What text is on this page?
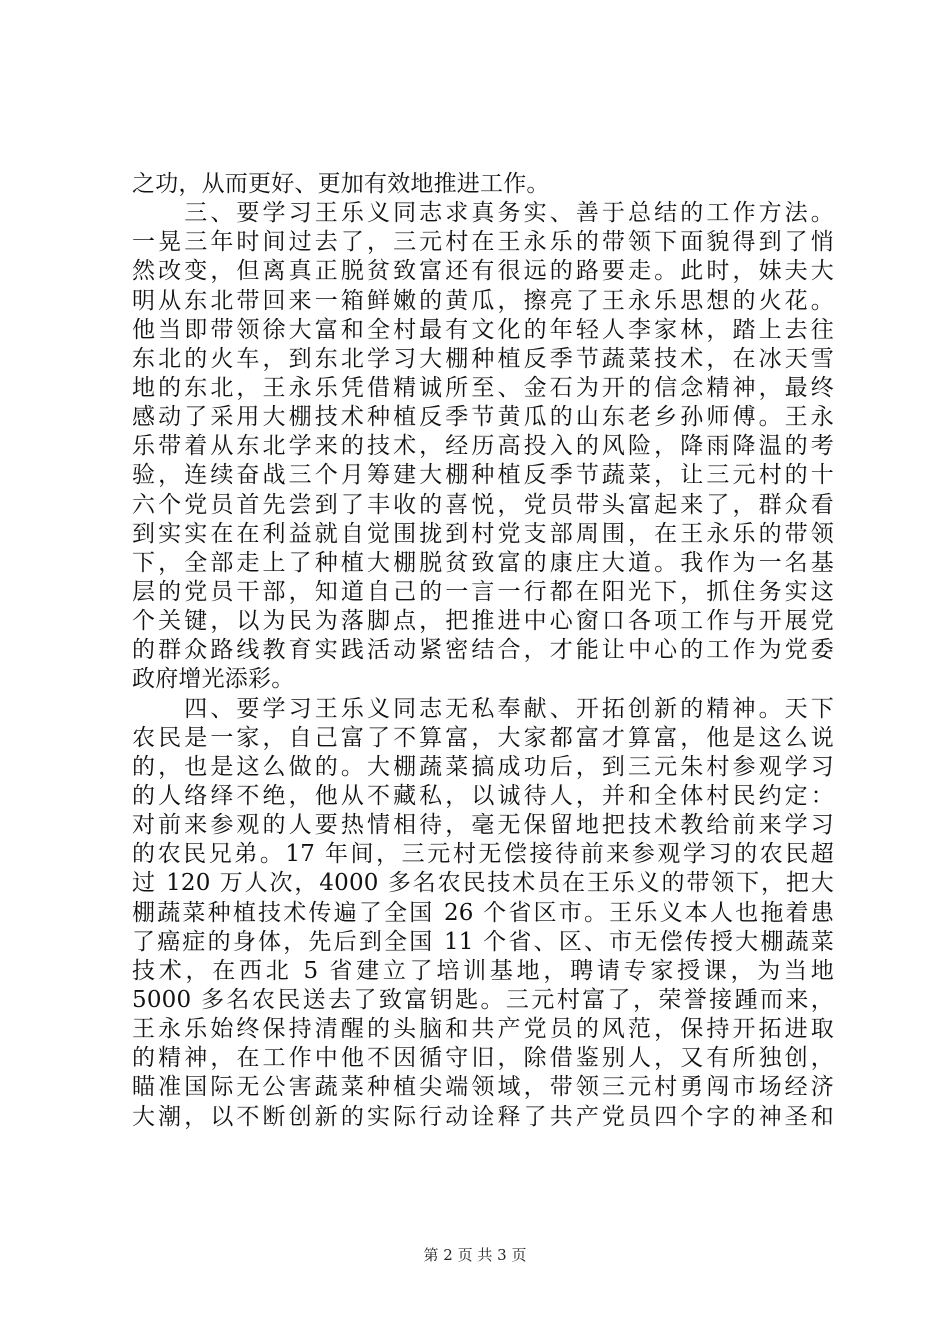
之功，从而更好、更加有效地推进工作。
　　三、要学习王乐义同志求真务实、善于总结的工作方法。
一晃三年时间过去了，三元村在王永乐的带领下面貌得到了悄
然改变，但离真正脱贫致富还有很远的路要走。此时，妹夫大
明从东北带回来一箱鲜嫩的黄瓜，擦亮了王永乐思想的火花。
他当即带领徐大富和全村最有文化的年轻人李家林，踏上去往
东北的火车，到东北学习大棚种植反季节蔬菜技术，在冰天雪
地的东北，王永乐凭借精诚所至、金石为开的信念精神，最终
感动了采用大棚技术种植反季节黄瓜的山东老乡孙师傅。王永
乐带着从东北学来的技术，经历高投入的风险，降雨降温的考
验，连续奋战三个月筹建大棚种植反季节蔬菜，让三元村的十
六个党员首先尝到了丰收的喜悦，党员带头富起来了，群众看
到实实在在利益就自觉围拢到村党支部周围，在王永乐的带领
下，全部走上了种植大棚脱贫致富的康庄大道。我作为一名基
层的党员干部，知道自己的一言一行都在阳光下，抓住务实这
个关键，以为民为落脚点，把推进中心窗口各项工作与开展党
的群众路线教育实践活动紧密结合，才能让中心的工作为党委
政府增光添彩。
　　四、要学习王乐义同志无私奉献、开拓创新的精神。天下
农民是一家，自己富了不算富，大家都富才算富，他是这么说
的，也是这么做的。大棚蔬菜搞成功后，到三元朱村参观学习
的人络绎不绝，他从不藏私，以诚待人，并和全体村民约定：
对前来参观的人要热情相待，毫无保留地把技术教给前来学习
的农民兄弟。17 年间，三元村无偿接待前来参观学习的农民超
过 120 万人次，4000 多名农民技术员在王乐义的带领下，把大
棚蔬菜种植技术传遍了全国 26 个省区市。王乐义本人也拖着患
了癌症的身体，先后到全国 11 个省、区、市无偿传授大棚蔬菜
技术，在西北 5 省建立了培训基地，聘请专家授课，为当地
5000 多名农民送去了致富钥匙。三元村富了，荣誉接踵而来，
王永乐始终保持清醒的头脑和共产党员的风范，保持开拓进取
的精神，在工作中他不因循守旧，除借鉴别人，又有所独创，
瞄准国际无公害蔬菜种植尖端领域，带领三元村勇闯市场经济
大潮，以不断创新的实际行动诠释了共产党员四个字的神圣和
第 2 页 共 3 页
